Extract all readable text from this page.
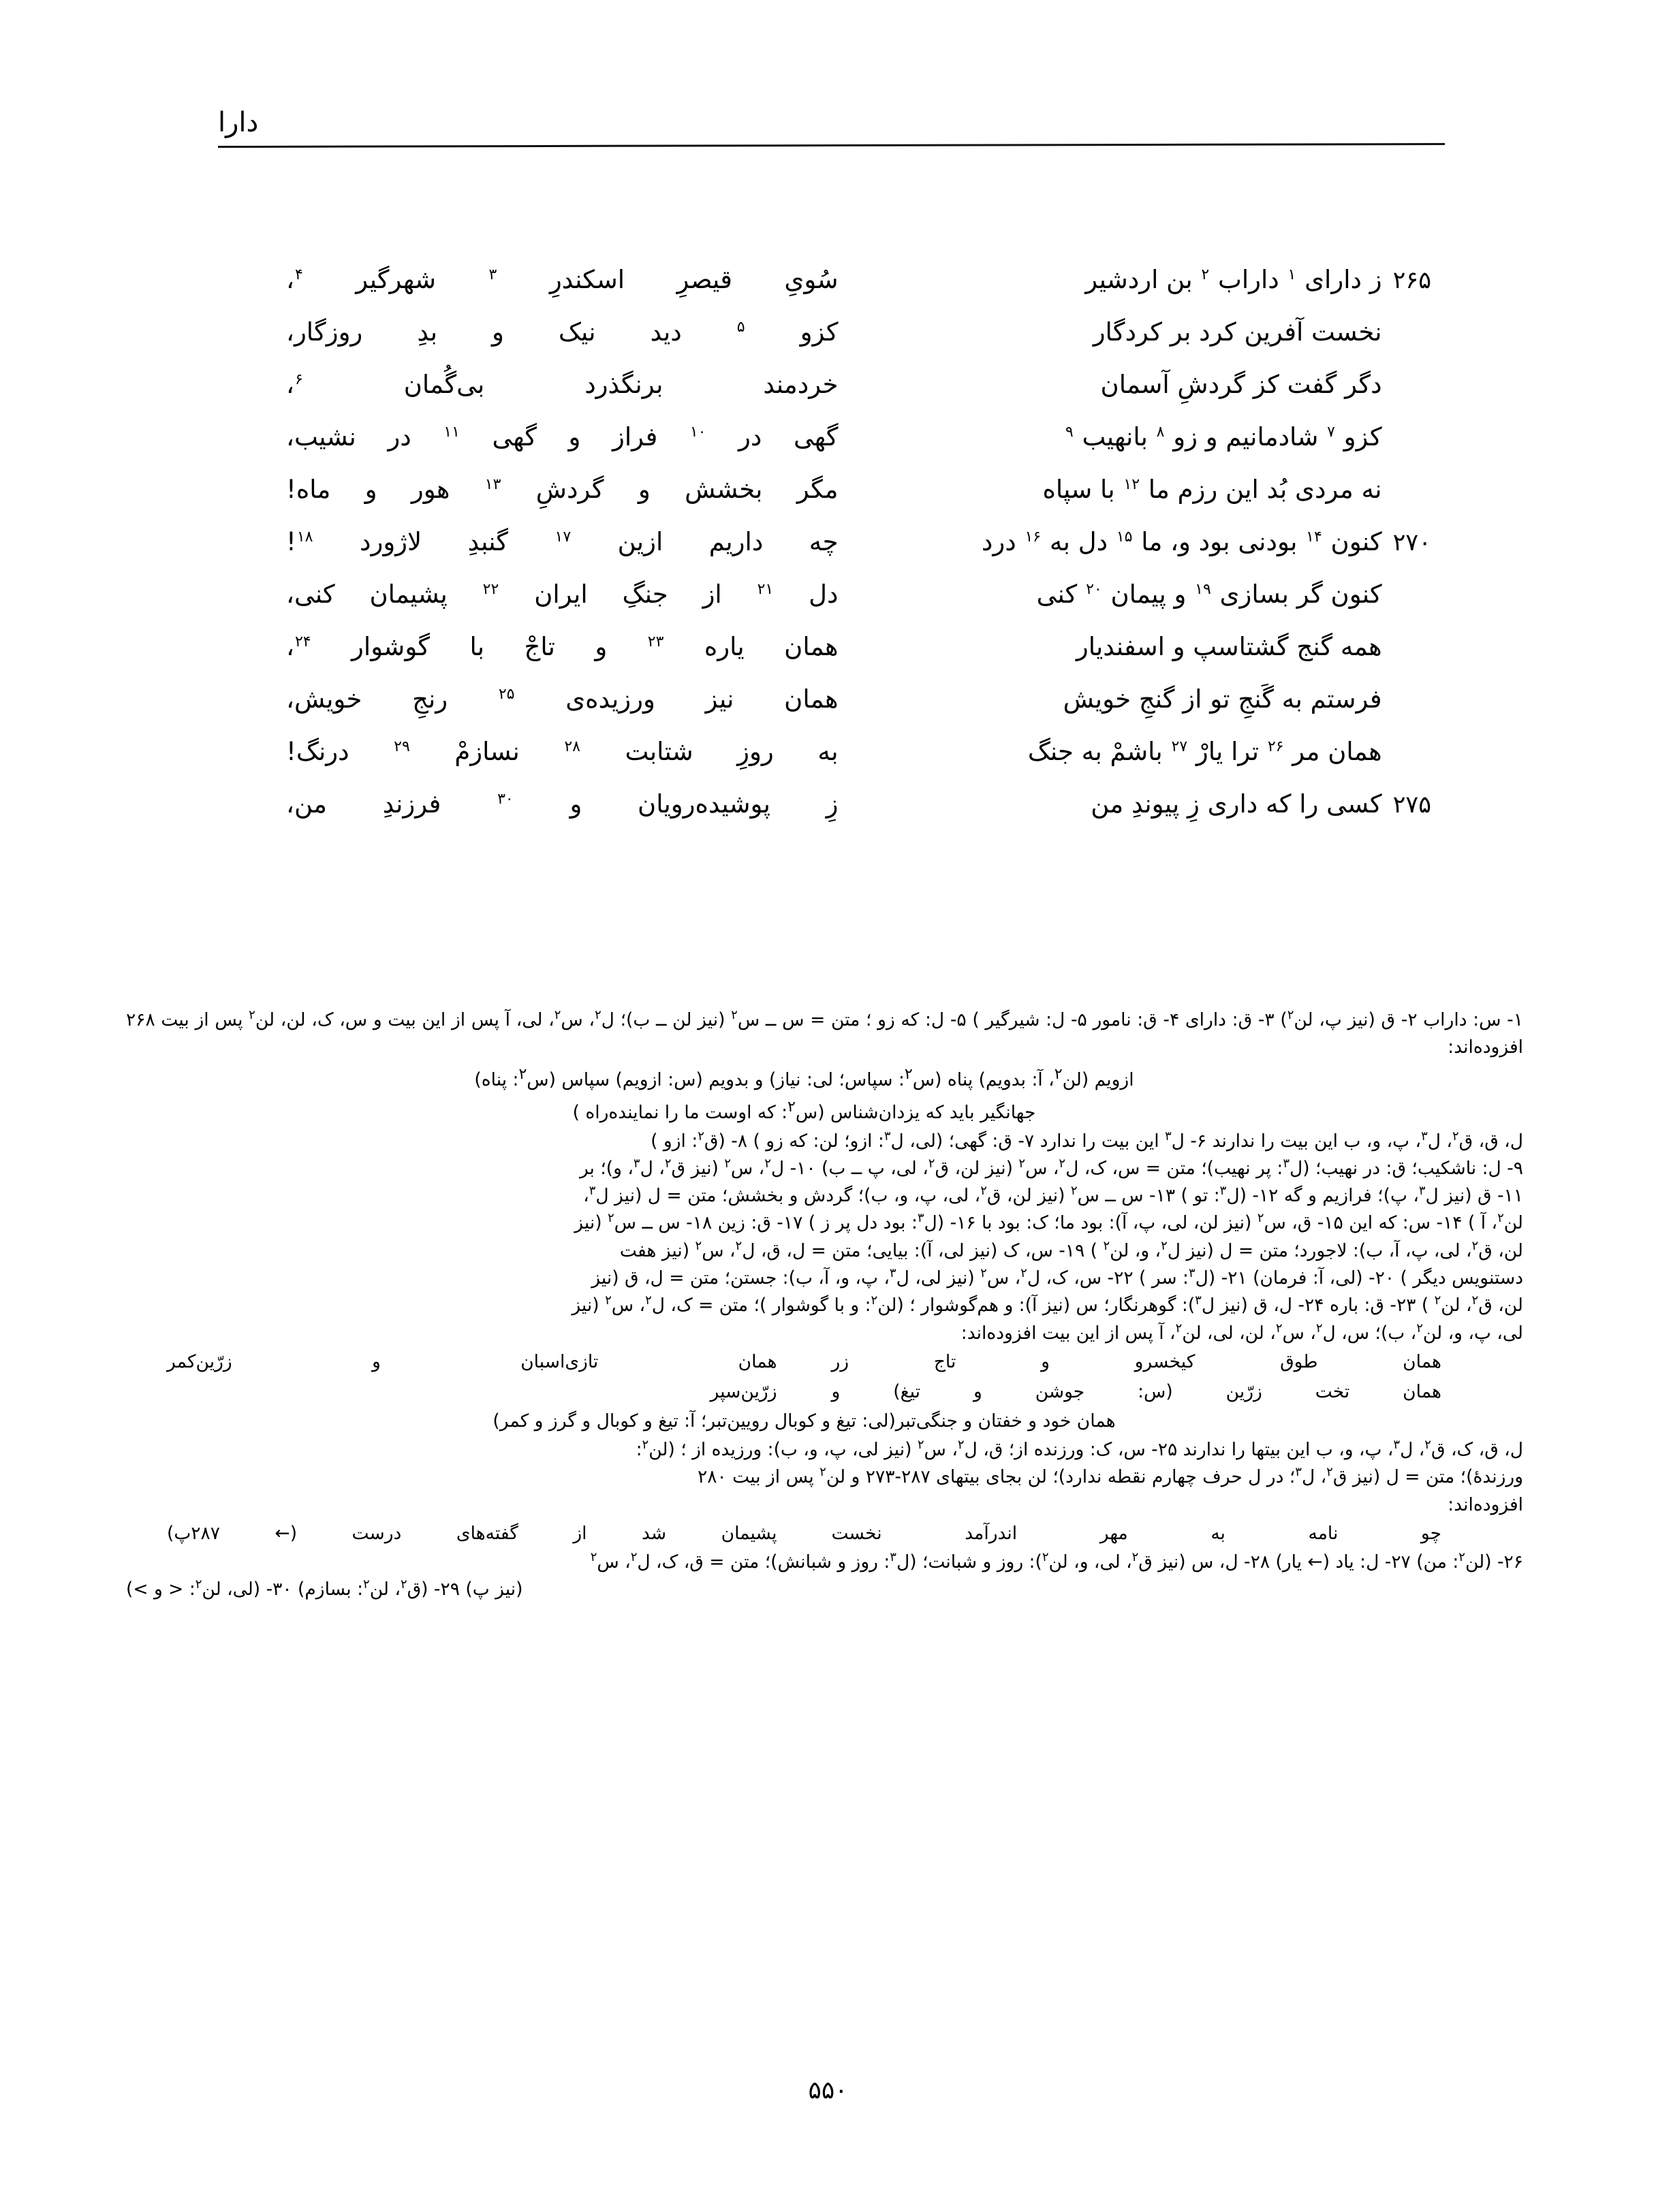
دارا
۲۶۵ز دارای $^۱$ داراب $^۲$ بن اردشیر
سُویِ قیصرِ اسکندرِ $^۳$ شهرگیر $^۴$،
نخست آفرین کرد بر کردگار
کزو $^۵$ دید نیک و بدِ روزگار،
دگر گفت کز گردشِ آسمان
خردمند برنگذرد بی‌گُمان $^۶$،
کزو $^۷$ شادمانیم و زو $^۸$ بانهیب $^۹$
گهی در $^{۱۰}$ فراز و گهی $^{۱۱}$ در نشیب،
نه مردی بُد این رزم ما $^{۱۲}$ با سپاه
مگر بخشش و گردشِ $^{۱۳}$ هور و ماه!
۲۷۰کنون $^{۱۴}$ بودنی بود و، ما $^{۱۵}$ دل به $^{۱۶}$ درد
چه داریم ازین $^{۱۷}$ گنبدِ لاژورد $^{۱۸}$!
کنون گر بسازی $^{۱۹}$ و پیمان $^{۲۰}$ کنی
دل $^{۲۱}$ از جنگِ ایران $^{۲۲}$ پشیمان کنی،
همه گنج گشتاسپ و اسفندیار
همان یاره $^{۲۳}$ و تاجْ با گوشوار $^{۲۴}$،
فرستم به گَنجِ تو از گنجِ خویش
همان نیز ورزیده‌ی $^{۲۵}$ رنجِ خویش،
همان مر $^{۲۶}$ ترا یارْ $^{۲۷}$ باشمْ به جنگ
به روزِ شتابت $^{۲۸}$ نسازمْ $^{۲۹}$ درنگ!
۲۷۵کسی را که داری زِ پیوندِ من
زِ پوشیده‌رویان و $^{۳۰}$ فرزندِ من،
۱- س: داراب ۲- ق (نیز پ، لن$^۲$) ۳- ق: دارای ۴- ق: نامور ۵- ل: شیرگیر ) ۵- ل: که زو ؛ متن = س ــ س$^۲$ (نیز لن ــ ب)؛ ل$^۲$، س$^۲$، لی، آ پس از این بیت و س، ک، لن، لن$^۲$ پس از بیت ۲۶۸ افزوده‌اند:
ازویم (لن$^۲$، آ: بدویم) پناه (س$^۲$: سپاس؛ لی: نیاز) و بدویم (س: ازویم) سپاس (س$^۲$: پناه)
جهانگیر باید که یزدان‌شناس (س$^۲$: که اوست ما را نماینده‌راه )
ل، ق، ق$^۲$، ل$^۳$، پ، و، ب این بیت را ندارند ۶- ل$^۳$ این بیت را ندارد ۷- ق: گهی؛ (لی، ل$^۳$: ازو؛ لن: که زو ) ۸- (ق$^۲$: ازو )
۹- ل: ناشکیب؛ ق: در نهیب؛ (ل$^۳$: پر نهیب)؛ متن = س، ک، ل$^۲$، س$^۲$ (نیز لن، ق$^۲$، لی، پ ــ ب) ۱۰- ل$^۲$، س$^۲$ (نیز ق$^۲$، ل$^۳$، و)؛ بر
۱۱- ق (نیز ل$^۳$، پ)؛ فرازیم و گه ۱۲- (ل$^۳$: تو ) ۱۳- س ــ س$^۲$ (نیز لن، ق$^۲$، لی، پ، و، ب)؛ گردش و بخشش؛ متن = ل (نیز ل$^۳$،
لن$^۲$، آ ) ۱۴- س: که این ۱۵- ق، س$^۲$ (نیز لن، لی، پ، آ): بود ما؛ ک: بود با ۱۶- (ل$^۳$: بود دل پر ز ) ۱۷- ق: زین ۱۸- س ــ س$^۲$ (نیز
لن، ق$^۲$، لی، پ، آ، ب): لاجورد؛ متن = ل (نیز ل$^۲$، و، لن$^۲$ ) ۱۹- س، ک (نیز لی، آ): بیایی؛ متن = ل، ق، ل$^۲$، س$^۲$ (نیز هفت
دستنویس دیگر ) ۲۰- (لی، آ: فرمان) ۲۱- (ل$^۳$: سر ) ۲۲- س، ک، ل$^۲$، س$^۲$ (نیز لی، ل$^۳$، پ، و، آ، ب): جستن؛ متن = ل، ق (نیز
لن، ق$^۲$، لن$^۲$ ) ۲۳- ق: باره ۲۴- ل، ق (نیز ل$^۳$): گوهرنگار؛ س (نیز آ): و هم‌گوشوار ؛ (لن$^۲$: و با گوشوار )؛ متن = ک، ل$^۲$، س$^۲$ (نیز
لی، پ، و، لن$^۲$، ب)؛ س، ل$^۲$، س$^۲$، لن، لی، لن$^۲$، آ پس از این بیت افزوده‌اند:
همان طوق کیخسرو و تاج زر
همان تازی‌اسبان و زرّین‌کمر
همان تخت زرّین (س: جوشن و تیغ) و
زرّین‌سپر
همان خود و خفتان و جنگی‌تبر(لی: تیغ و کوبال رویین‌تبر؛ آ: تیغ و کوبال و گرز و کمر)
ل، ق، ک، ق$^۲$، ل$^۳$، پ، و، ب این بیتها را ندارند ۲۵- س، ک: ورزنده از؛ ق، ل$^۲$، س$^۲$ (نیز لی، پ، و، ب): ورزیده از ؛ (لن$^۲$:
ورزندهٔ)؛ متن = ل (نیز ق$^۲$، ل$^۳$؛ در ل حرف چهارم نقطه ندارد)؛ لن بجای بیتهای ۲۸۷-۲۷۳ و لن$^۲$ پس از بیت ۲۸۰
افزوده‌اند:
چو نامه به مهر اندرآمد نخست
پشیمان شد از گفته‌های درست (← ۲۸۷پ)
۲۶- (لن$^۲$: من) ۲۷- ل: یاد (← یار) ۲۸- ل، س (نیز ق$^۲$، لی، و، لن$^۲$): روز و شبانت؛ (ل$^۳$: روز و شبانش)؛ متن = ق، ک، ل$^۲$، س$^۲$
(نیز پ) ۲۹- (ق$^۲$، لن$^۲$: بسازم) ۳۰- (لی، لن$^۲$: < و >)
۵۵۰
